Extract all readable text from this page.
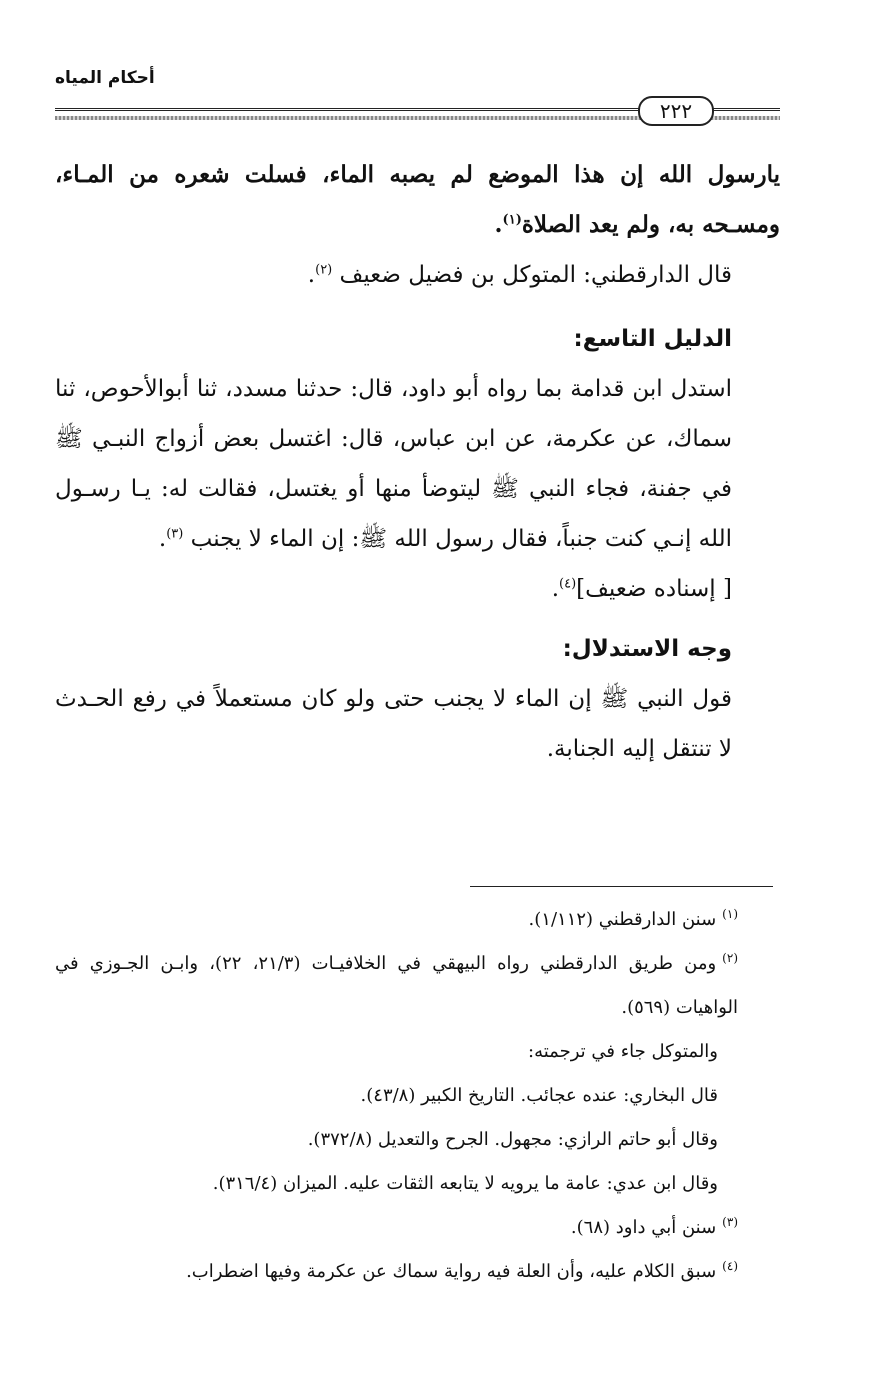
أحكام المياه
٢٢٢

يارسول الله إن هذا الموضع لم يصبه الماء، فسلت شعره من المـاء، ومسـحه به، ولم يعد الصلاة$^{(١)}$.

قال الدارقطني: المتوكل بن فضيل ضعيف $^{(٢)}$.

الدليل التاسع:

استدل ابن قدامة بما رواه أبو داود، قال: حدثنا مسدد، ثنا أبوالأحوص، ثنا سماك، عن عكرمة، عن ابن عباس، قال: اغتسل بعض أزواج النبـي ﷺ في جفنة، فجاء النبي ﷺ ليتوضأ منها أو يغتسل، فقالت له: يـا رسـول الله إنـي كنت جنباً، فقال رسول الله ﷺ: إن الماء لا يجنب $^{(٣)}$.

[ إسناده ضعيف]$^{(٤)}$.

وجه الاستدلال:

قول النبي ﷺ إن الماء لا يجنب حتى ولو كان مستعملاً في رفع الحـدث لا تنتقل إليه الجنابة.

$^{(١)}$سنن الدارقطني (١/١١٢).

$^{(٢)}$ومن طريق الدارقطني رواه البيهقي في الخلافيـات (٢١/٣، ٢٢)، وابـن الجـوزي في الواهيات (٥٦٩).

والمتوكل جاء في ترجمته:

قال البخاري: عنده عجائب. التاريخ الكبير (٤٣/٨).

وقال أبو حاتم الرازي: مجهول. الجرح والتعديل (٣٧٢/٨).

وقال ابن عدي: عامة ما يرويه لا يتابعه الثقات عليه. الميزان (٣١٦/٤).

$^{(٣)}$سنن أبي داود (٦٨).

$^{(٤)}$سبق الكلام عليه، وأن العلة فيه رواية سماك عن عكرمة وفيها اضطراب.
